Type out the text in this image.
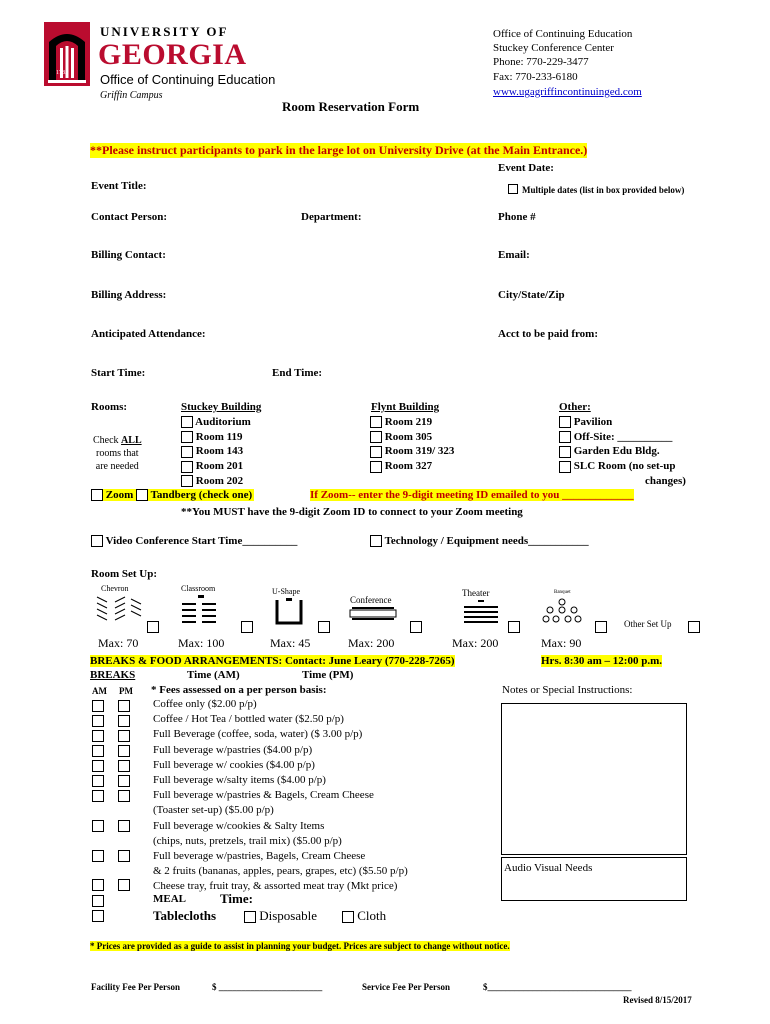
1785
UNIVERSITY OF
GEORGIA
Office of Continuing Education
Griffin Campus
Office of Continuing Education
Stuckey Conference Center
Phone: 770-229-3477
Fax: 770-233-6180
www.ugagriffincontinuinged.com
Room Reservation Form
**Please instruct participants to park in the large lot on University Drive (at the Main Entrance.)
Event Date:
Event Title:	Multiple dates (list in box provided below)
Contact Person:	Department:	Phone #
Billing Contact:	Email:
Billing Address:	City/State/Zip
Anticipated Attendance:	Acct to be paid from:
Start Time:	End Time:
Rooms:
Check ALL
rooms that
are needed
Stuckey Building
Auditorium
Room 119
Room 143
Room 201
Room 202
Flynt Building
Room 219
Room 305
Room 319/ 323
Room 327
Other:
Pavilion
Off-Site: __________
Garden Edu Bldg.
SLC Room (no set-up
changes)
Zoom Tandberg (check one)	If Zoom-- enter the 9-digit meeting ID emailed to you _____________
**You MUST have the 9-digit Zoom ID to connect to your Zoom meeting
Video Conference Start Time__________	Technology / Equipment needs___________
Room Set Up:
Chevron	Classroom	U-Shape
Conference
Theater	Banquet
Other Set Up
Max: 70	Max: 100	Max: 45	Max: 200	Max: 200	Max: 90
BREAKS & FOOD ARRANGEMENTS: Contact: June Leary (770-228-7265)	Hrs. 8:30 am – 12:00 p.m.
BREAKS	Time (AM)	Time (PM)
AM PM * Fees assessed on a per person basis:
Coffee only ($2.00 p/p)
Coffee / Hot Tea / bottled water ($2.50 p/p)
Full Beverage (coffee, soda, water) ($ 3.00 p/p)
Full beverage w/pastries ($4.00 p/p)
Full beverage w/ cookies ($4.00 p/p)
Full beverage w/salty items ($4.00 p/p)
Full beverage w/pastries & Bagels, Cream Cheese
(Toaster set-up) ($5.00 p/p)
Full beverage w/cookies & Salty Items
(chips, nuts, pretzels, trail mix) ($5.00 p/p)
Full beverage w/pastries, Bagels, Cream Cheese
& 2 fruits (bananas, apples, pears, grapes, etc) ($5.50 p/p)
Cheese tray, fruit tray, & assorted meat tray (Mkt price)
MEAL	Time:
Tablecloths	Disposable	Cloth
Notes or Special Instructions:
Audio Visual Needs
* Prices are provided as a guide to assist in planning your budget. Prices are subject to change without notice.
Facility Fee Per Person	$ _______________________	Service Fee Per Person	$________________________________
Revised 8/15/2017
